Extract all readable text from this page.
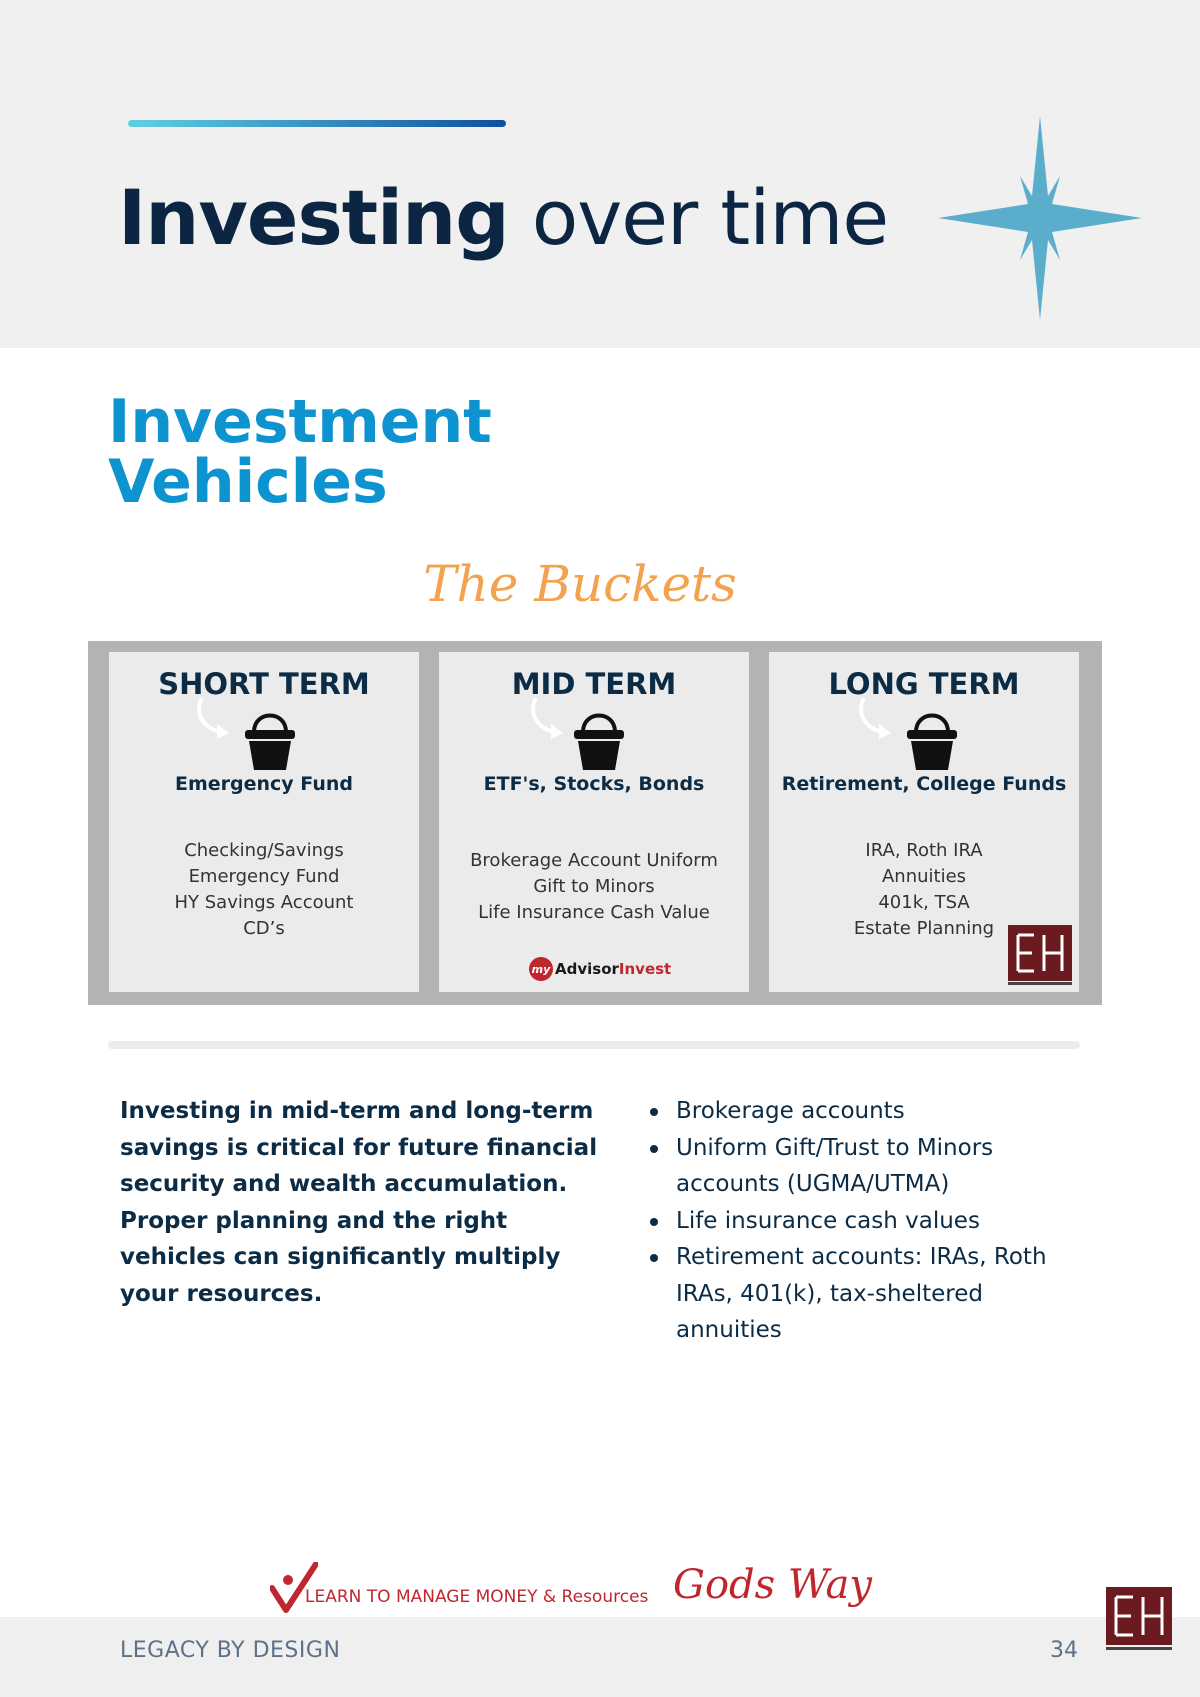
Investing over time
Investment
Vehicles
The Buckets
SHORT TERM
Emergency Fund
Checking/Savings
Emergency Fund
HY Savings Account
CD’s
MID TERM
ETF's, Stocks, Bonds
Brokerage Account Uniform
Gift to Minors
Life Insurance Cash Value
my Advisor Invest
LONG TERM
Retirement, College Funds
IRA, Roth IRA
Annuities
401k, TSA
Estate Planning
Investing in mid-term and long-term savings is critical for future financial security and wealth accumulation. Proper planning and the right vehicles can significantly multiply your resources.
Brokerage accounts
Uniform Gift/Trust to Minors accounts (UGMA/UTMA)
Life insurance cash values
Retirement accounts: IRAs, Roth IRAs, 401(k), tax-sheltered annuities
LEARN TO MANAGE MONEY & Resources Gods Way
LEGACY BY DESIGN	34
